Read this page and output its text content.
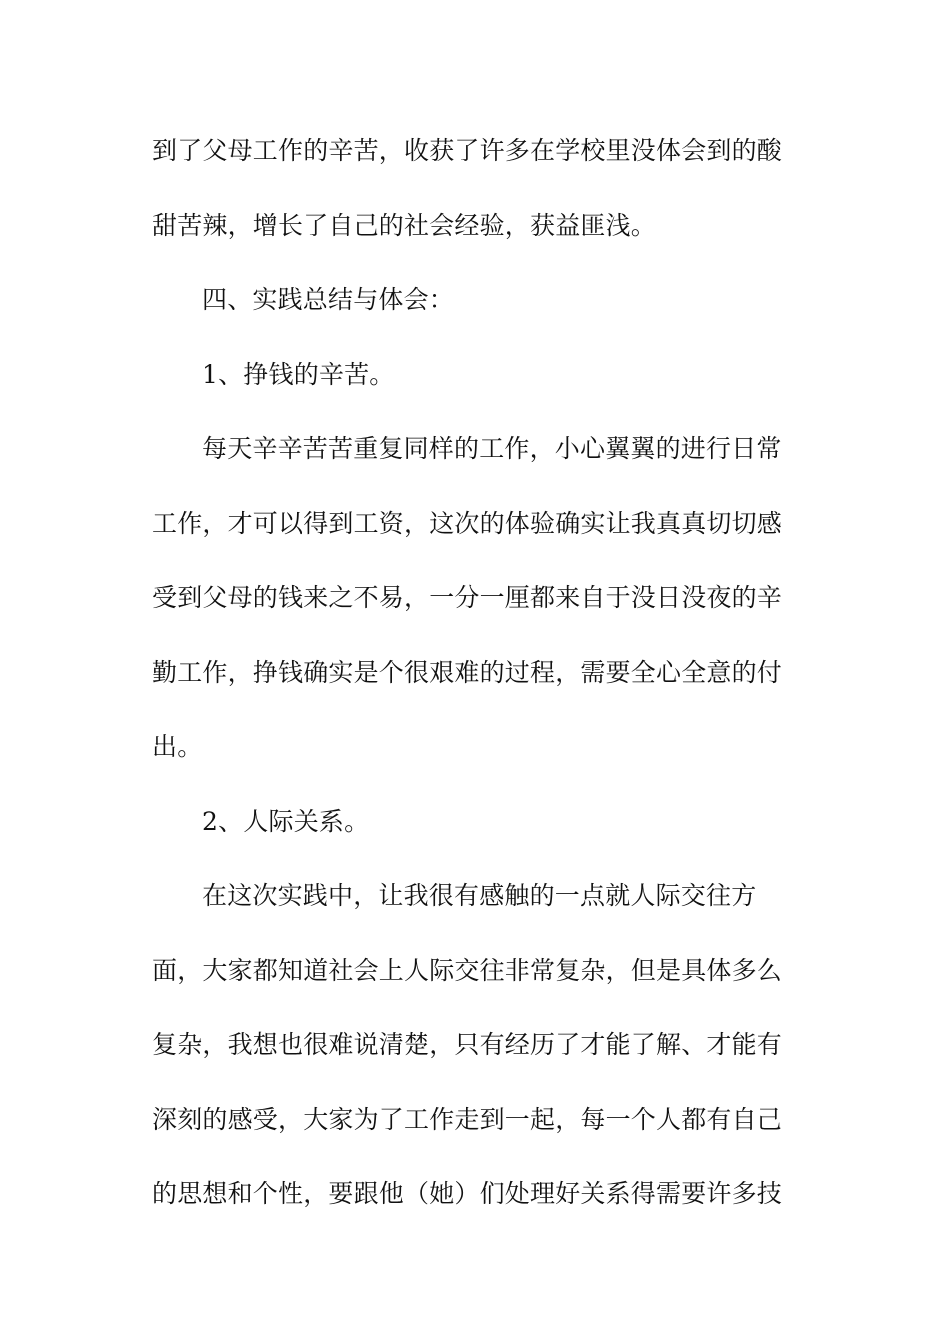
到了父母工作的辛苦，收获了许多在学校里没体会到的酸
甜苦辣，增长了自己的社会经验，获益匪浅。
四、实践总结与体会：
1、挣钱的辛苦。
每天辛辛苦苦重复同样的工作，小心翼翼的进行日常
工作，才可以得到工资，这次的体验确实让我真真切切感
受到父母的钱来之不易，一分一厘都来自于没日没夜的辛
勤工作，挣钱确实是个很艰难的过程，需要全心全意的付
出。
2、人际关系。
在这次实践中，让我很有感触的一点就人际交往方
面，大家都知道社会上人际交往非常复杂，但是具体多么
复杂，我想也很难说清楚，只有经历了才能了解、才能有
深刻的感受，大家为了工作走到一起，每一个人都有自己
的思想和个性，要跟他（她）们处理好关系得需要许多技
